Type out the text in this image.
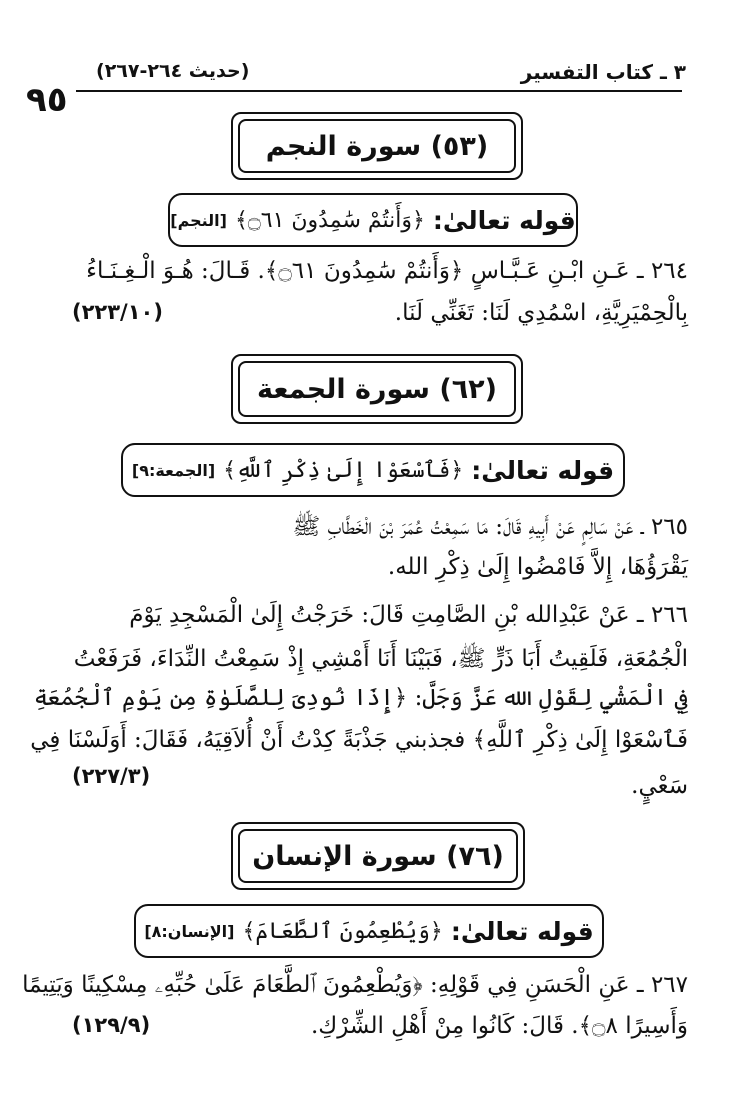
٩٥
٣ ـ كتاب التفسير
(حديث ٢٦٤-٢٦٧)
(٥٣) سورة النجم
قوله تعالىٰ:
﴿وَأَنتُمْ سَٰمِدُونَ ۝٦١﴾
[النجم]
٢٦٤ ـ عَـنِ ابْـنِ عَـبَّـاسٍ ﴿وَأَنتُمْ سَٰمِدُونَ ۝٦١﴾. قَـالَ: هُـوَ الْـغِـنَـاءُ
بِالْحِمْيَرِيَّةِ، اسْمُدِي لَنَا: تَغَنِّي لَنَا.
(٢٢٣/١٠)
(٦٢) سورة الجمعة
قوله تعالىٰ:
﴿فَٱسْعَوْا إِلَىٰ ذِكْرِ ٱللَّهِ﴾
[الجمعة:٩]
٢٦٥ ـ عَنْ سَالِمٍ عَنْ أَبِيهِ قَالَ: مَا سَمِعْتُ عُمَرَ بْنَ الْخَطَّابِ ﷺ
يَقْرَؤُهَا، إِلاَّ فَامْضُوا إِلَىٰ ذِكْرِ الله.
٢٦٦ ـ عَنْ عَبْدِالله بْنِ الصَّامِتِ قَالَ: خَرَجْتُ إِلَىٰ الْمَسْجِدِ يَوْمَ
الْجُمُعَةِ، فَلَقِيتُ أَبَا ذَرٍّ ﷺ، فَبَيْنَا أَنَا أَمْشِي إِذْ سَمِعْتُ النِّدَاءَ، فَرَفَعْتُ
فِي الْمَشْيِ لِقَوْلِ الله عَزَّ وَجَلَّ: ﴿إِذَا نُودِىَ لِلصَّلَوٰةِ مِن يَوْمِ ٱلْجُمُعَةِ
فَٱسْعَوْا إِلَىٰ ذِكْرِ ٱللَّهِ﴾ فجذبني جَذْبَةً كِدْتُ أَنْ أُلاَقِيَهُ، فَقَالَ: أَوَلَسْنَا فِي
سَعْيٍ.
(٢٢٧/٣)
(٧٦) سورة الإنسان
قوله تعالىٰ:
﴿وَيُطْعِمُونَ ٱلطَّعَامَ﴾
[الإنسان:٨]
٢٦٧ ـ عَنِ الْحَسَنِ فِي قَوْلِهِ: ﴿وَيُطْعِمُونَ ٱلطَّعَامَ عَلَىٰ حُبِّهِۦ مِسْكِينًا وَيَتِيمًا
وَأَسِيرًا ۝٨﴾. قَالَ: كَانُوا مِنْ أَهْلِ الشِّرْكِ.
(١٢٩/٩)
